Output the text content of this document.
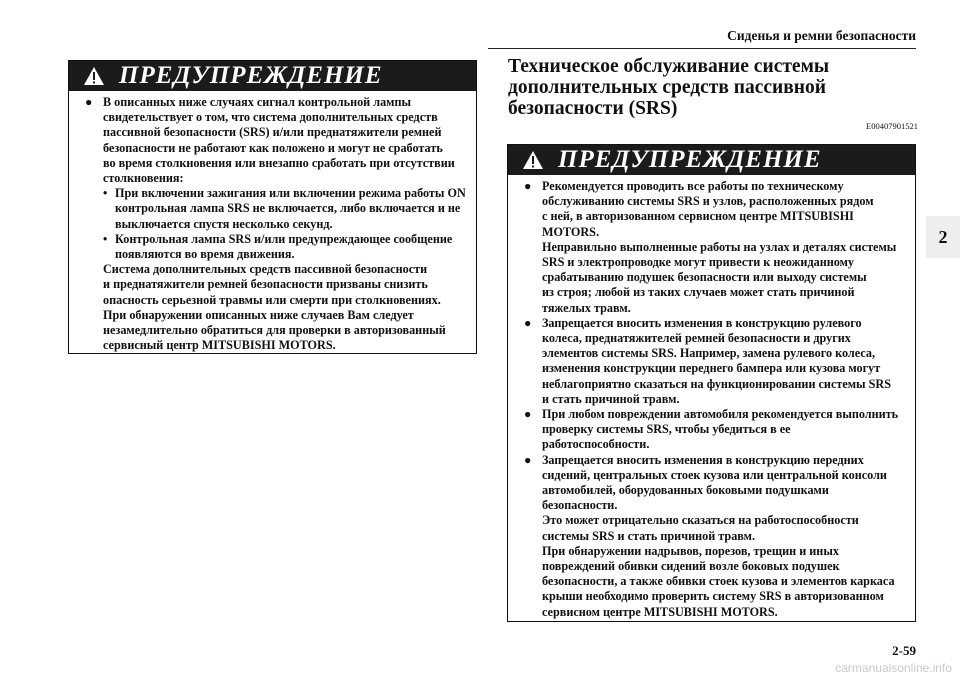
Сиденья и ремни безопасности
2
ПРЕДУПРЕЖДЕНИЕ
● В описанных ниже случаях сигнал контрольной лампы
свидетельствует о том, что система дополнительных средств
пассивной безопасности (SRS) и/или преднатяжители ремней
безопасности не работают как положено и могут не сработать
во время столкновения или внезапно сработать при отсутствии
столкновения:
• При включении зажигания или включении режима работы ON
контрольная лампа SRS не включается, либо включается и не
выключается спустя несколько секунд.
• Контрольная лампа SRS и/или предупреждающее сообщение
появляются во время движения.
Система дополнительных средств пассивной безопасности
и преднатяжители ремней безопасности призваны снизить
опасность серьезной травмы или смерти при столкновениях.
При обнаружении описанных ниже случаев Вам следует
незамедлительно обратиться для проверки в авторизованный
сервисный центр MITSUBISHI MOTORS.
Техническое обслуживание системы
дополнительных средств пассивной
безопасности (SRS)
E00407901521
ПРЕДУПРЕЖДЕНИЕ
● Рекомендуется проводить все работы по техническому
обслуживанию системы SRS и узлов, расположенных рядом
с ней, в авторизованном сервисном центре MITSUBISHI
MOTORS.
Неправильно выполненные работы на узлах и деталях системы
SRS и электропроводке могут привести к неожиданному
срабатыванию подушек безопасности или выходу системы
из строя; любой из таких случаев может стать причиной
тяжелых травм.
● Запрещается вносить изменения в конструкцию рулевого
колеса, преднатяжителей ремней безопасности и других
элементов системы SRS. Например, замена рулевого колеса,
изменения конструкции переднего бампера или кузова могут
неблагоприятно сказаться на функционировании системы SRS
и стать причиной травм.
● При любом повреждении автомобиля рекомендуется выполнить
проверку системы SRS, чтобы убедиться в ее
работоспособности.
● Запрещается вносить изменения в конструкцию передних
сидений, центральных стоек кузова или центральной консоли
автомобилей, оборудованных боковыми подушками
безопасности.
Это может отрицательно сказаться на работоспособности
системы SRS и стать причиной травм.
При обнаружении надрывов, порезов, трещин и иных
повреждений обивки сидений возле боковых подушек
безопасности, а также обивки стоек кузова и элементов каркаса
крыши необходимо проверить систему SRS в авторизованном
сервисном центре MITSUBISHI MOTORS.
2-59
carmanualsonline.info
